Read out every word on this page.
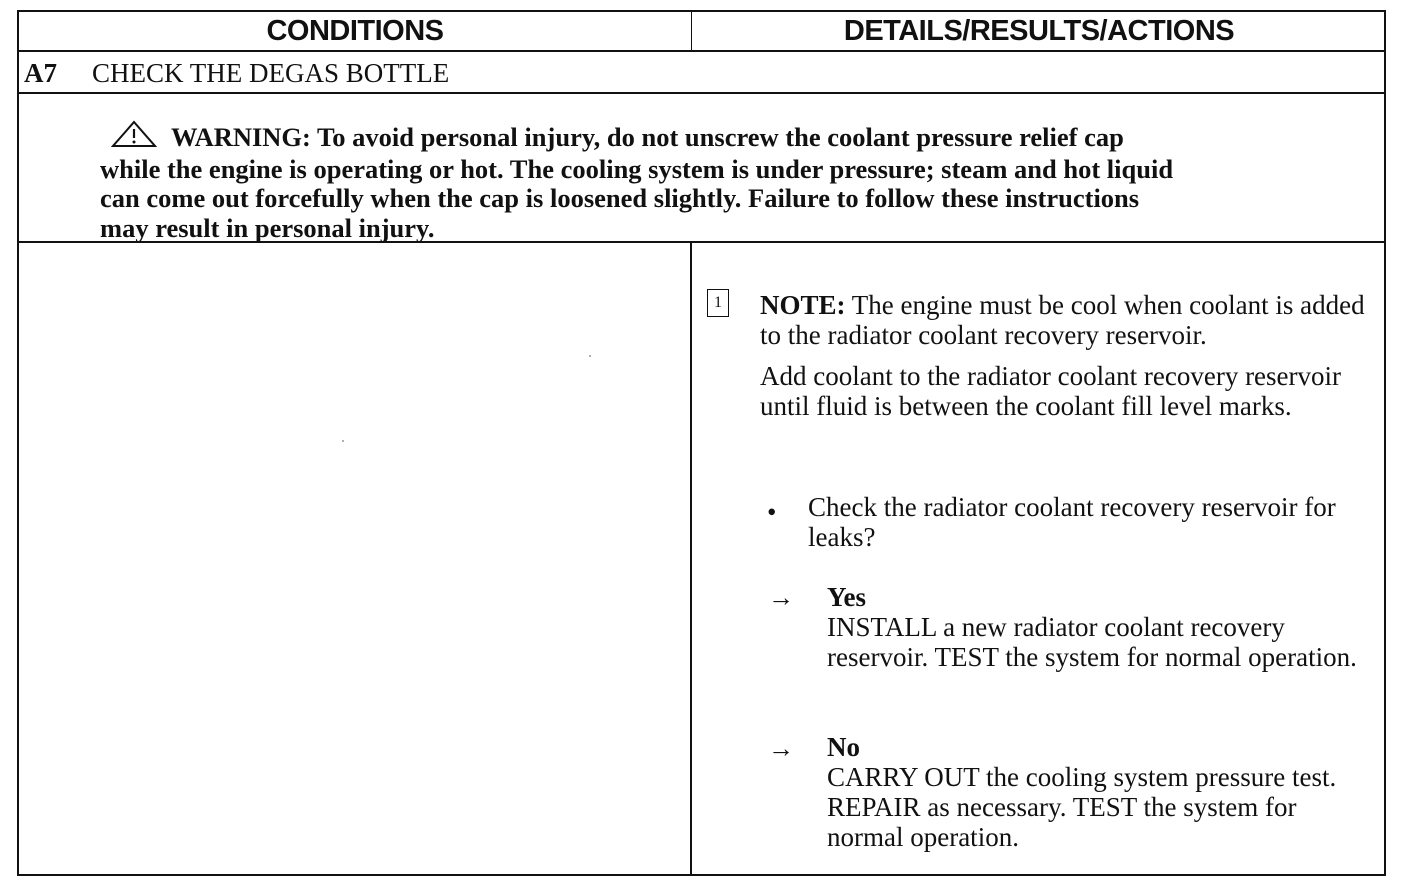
CONDITIONS	DETAILS/RESULTS/ACTIONS
A7 CHECK THE DEGAS BOTTLE
WARNING: To avoid personal injury, do not unscrew the coolant pressure relief cap
while the engine is operating or hot. The cooling system is under pressure; steam and hot liquid
can come out forcefully when the cap is loosened slightly. Failure to follow these instructions
may result in personal injury.
1 NOTE: The engine must be cool when coolant is added to the radiator coolant recovery reservoir.
Add coolant to the radiator coolant recovery reservoir until fluid is between the coolant fill level marks.
• Check the radiator coolant recovery reservoir for leaks?
→ Yes
INSTALL a new radiator coolant recovery reservoir. TEST the system for normal operation.
→ No
CARRY OUT the cooling system pressure test.
REPAIR as necessary. TEST the system for normal operation.
